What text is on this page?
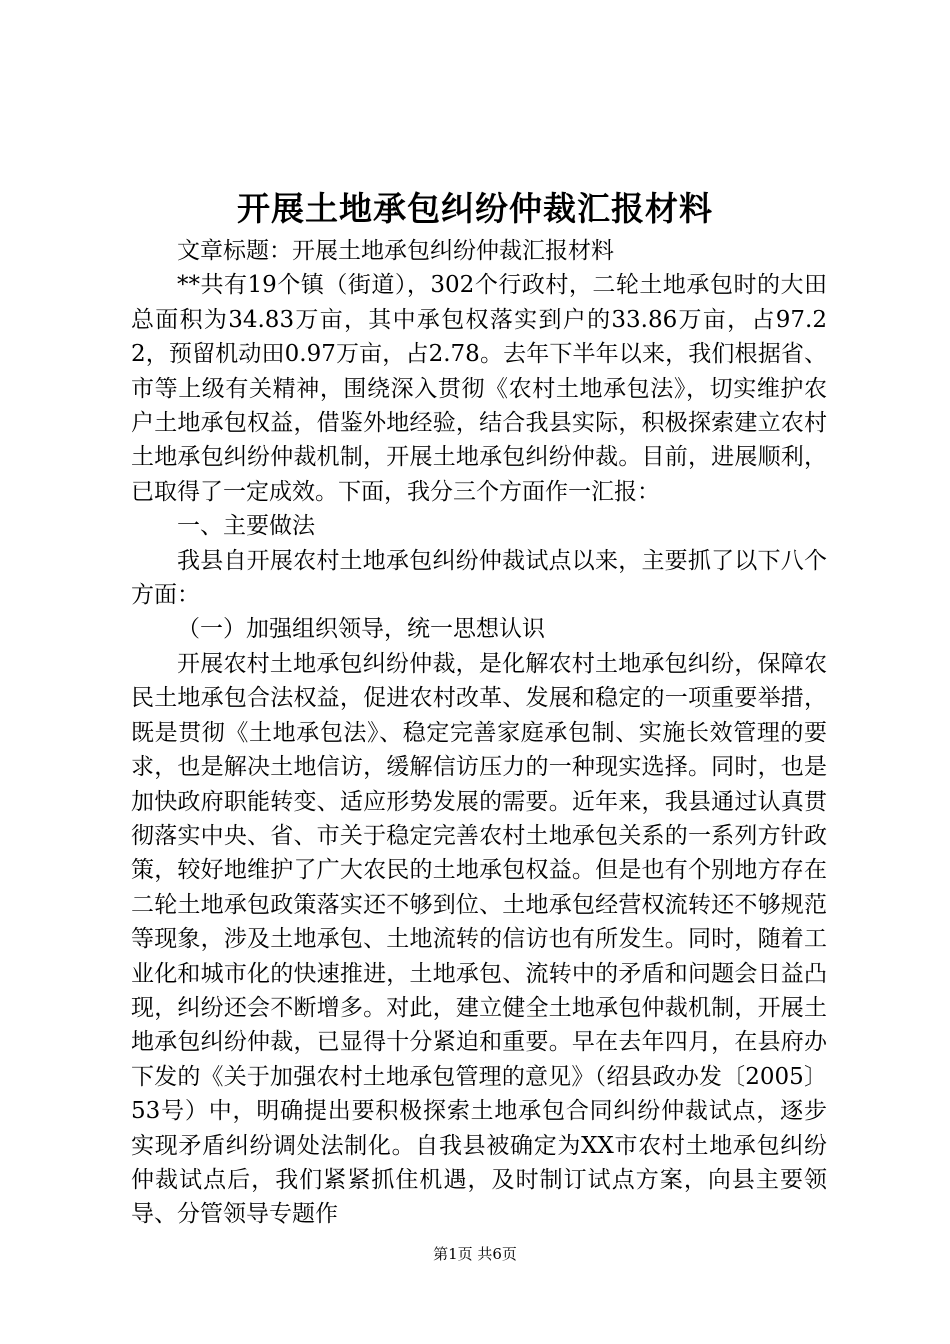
开展土地承包纠纷仲裁汇报材料

文章标题：开展土地承包纠纷仲裁汇报材料

**共有19个镇（街道），302个行政村，二轮土地承包时的大田总面积为34.83万亩，其中承包权落实到户的33.86万亩，占97.22，预留机动田0.97万亩，占2.78。去年下半年以来，我们根据省、市等上级有关精神，围绕深入贯彻《农村土地承包法》，切实维护农户土地承包权益，借鉴外地经验，结合我县实际，积极探索建立农村土地承包纠纷仲裁机制，开展土地承包纠纷仲裁。目前，进展顺利，已取得了一定成效。下面，我分三个方面作一汇报：

一、主要做法

我县自开展农村土地承包纠纷仲裁试点以来，主要抓了以下八个方面：

（一）加强组织领导，统一思想认识

开展农村土地承包纠纷仲裁，是化解农村土地承包纠纷，保障农民土地承包合法权益，促进农村改革、发展和稳定的一项重要举措，既是贯彻《土地承包法》、稳定完善家庭承包制、实施长效管理的要求，也是解决土地信访，缓解信访压力的一种现实选择。同时，也是加快政府职能转变、适应形势发展的需要。近年来，我县通过认真贯彻落实中央、省、市关于稳定完善农村土地承包关系的一系列方针政策，较好地维护了广大农民的土地承包权益。但是也有个别地方存在二轮土地承包政策落实还不够到位、土地承包经营权流转还不够规范等现象，涉及土地承包、土地流转的信访也有所发生。同时，随着工业化和城市化的快速推进，土地承包、流转中的矛盾和问题会日益凸现，纠纷还会不断增多。对此，建立健全土地承包仲裁机制，开展土地承包纠纷仲裁，已显得十分紧迫和重要。早在去年四月，在县府办下发的《关于加强农村土地承包管理的意见》（绍县政办发〔2005〕53号）中，明确提出要积极探索土地承包合同纠纷仲裁试点，逐步实现矛盾纠纷调处法制化。自我县被确定为XX市农村土地承包纠纷仲裁试点后，我们紧紧抓住机遇，及时制订试点方案，向县主要领导、分管领导专题作

第1页 共6页
